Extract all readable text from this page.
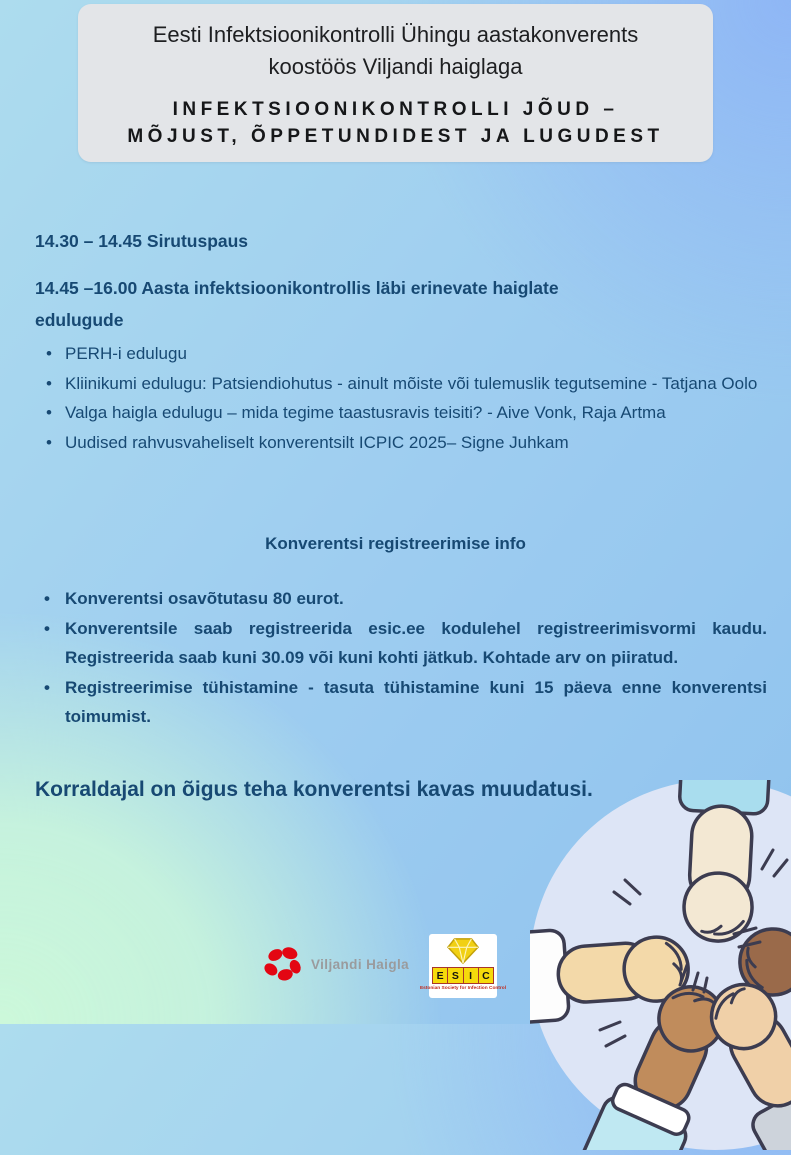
Eesti Infektsioonikontrolli Ühingu aastakonverents
koostöös Viljandi haiglaga
INFEKTSIOONIKONTROLLI JÕUD –
MÕJUST, ÕPPETUNDIDEST JA LUGUDEST
14.30 – 14.45 Sirutuspaus
14.45 –16.00 Aasta infektsioonikontrollis läbi erinevate haiglate edulugude
•
PERH-i edulugu
•
Kliinikumi edulugu: Patsiendiohutus - ainult mõiste või tulemuslik tegutsemine - Tatjana Oolo
•
Valga haigla edulugu – mida tegime taastusravis teisiti? - Aive Vonk, Raja Artma
•
Uudised rahvusvaheliselt konverentsilt ICPIC 2025– Signe Juhkam
Konverentsi registreerimise info
•
Konverentsi osavõtutasu 80 eurot.
•
Konverentsile saab registreerida esic.ee kodulehel registreerimisvormi kaudu. Registreerida saab kuni 30.09 või kuni kohti jätkub. Kohtade arv on piiratud.
•
Registreerimise tühistamine - tasuta tühistamine kuni 15 päeva enne konverentsi toimumist.
Korraldajal on õigus teha konverentsi kavas muudatusi.
Viljandi Haigla
E S I C
Estonian Society for Infection Control
